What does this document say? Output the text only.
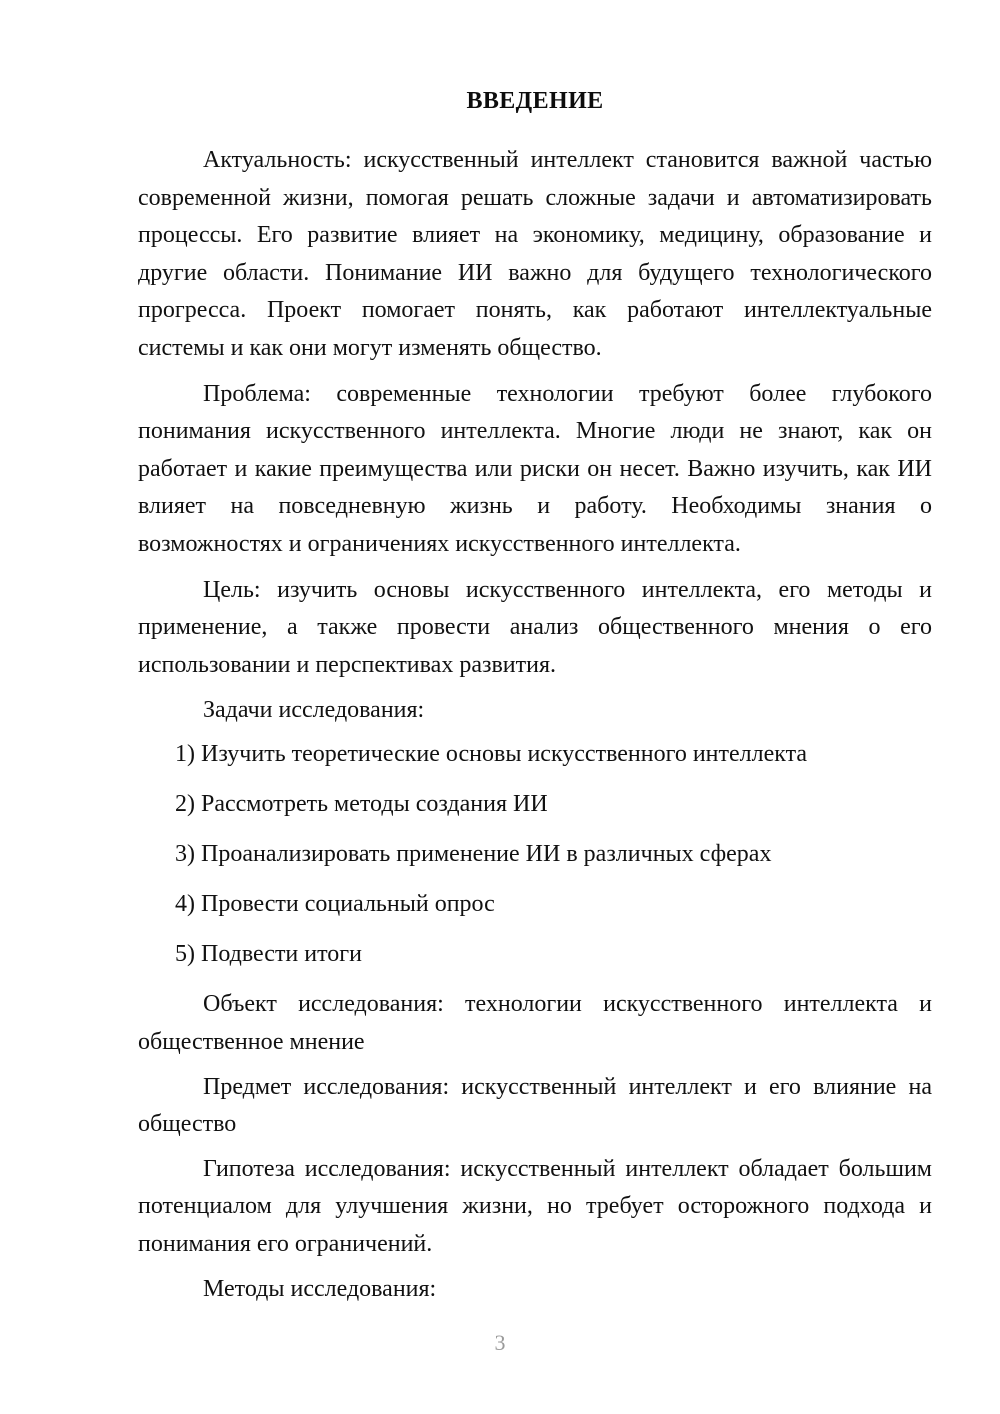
ВВЕДЕНИЕ

Актуальность: искусственный интеллект становится важной частью современной жизни, помогая решать сложные задачи и автоматизировать процессы. Его развитие влияет на экономику, медицину, образование и другие области. Понимание ИИ важно для будущего технологического прогресса. Проект помогает понять, как работают интеллектуальные системы и как они могут изменять общество.

Проблема: современные технологии требуют более глубокого понимания искусственного интеллекта. Многие люди не знают, как он работает и какие преимущества или риски он несет. Важно изучить, как ИИ влияет на повседневную жизнь и работу. Необходимы знания о возможностях и ограничениях искусственного интеллекта.

Цель: изучить основы искусственного интеллекта, его методы и применение, а также провести анализ общественного мнения о его использовании и перспективах развития.

Задачи исследования:

1) Изучить теоретические основы искусственного интеллекта
2) Рассмотреть методы создания ИИ
3) Проанализировать применение ИИ в различных сферах
4) Провести социальный опрос
5) Подвести итоги

Объект исследования: технологии искусственного интеллекта и общественное мнение

Предмет исследования: искусственный интеллект и его влияние на общество

Гипотеза исследования: искусственный интеллект обладает большим потенциалом для улучшения жизни, но требует осторожного подхода и понимания его ограничений.

Методы исследования:

3
